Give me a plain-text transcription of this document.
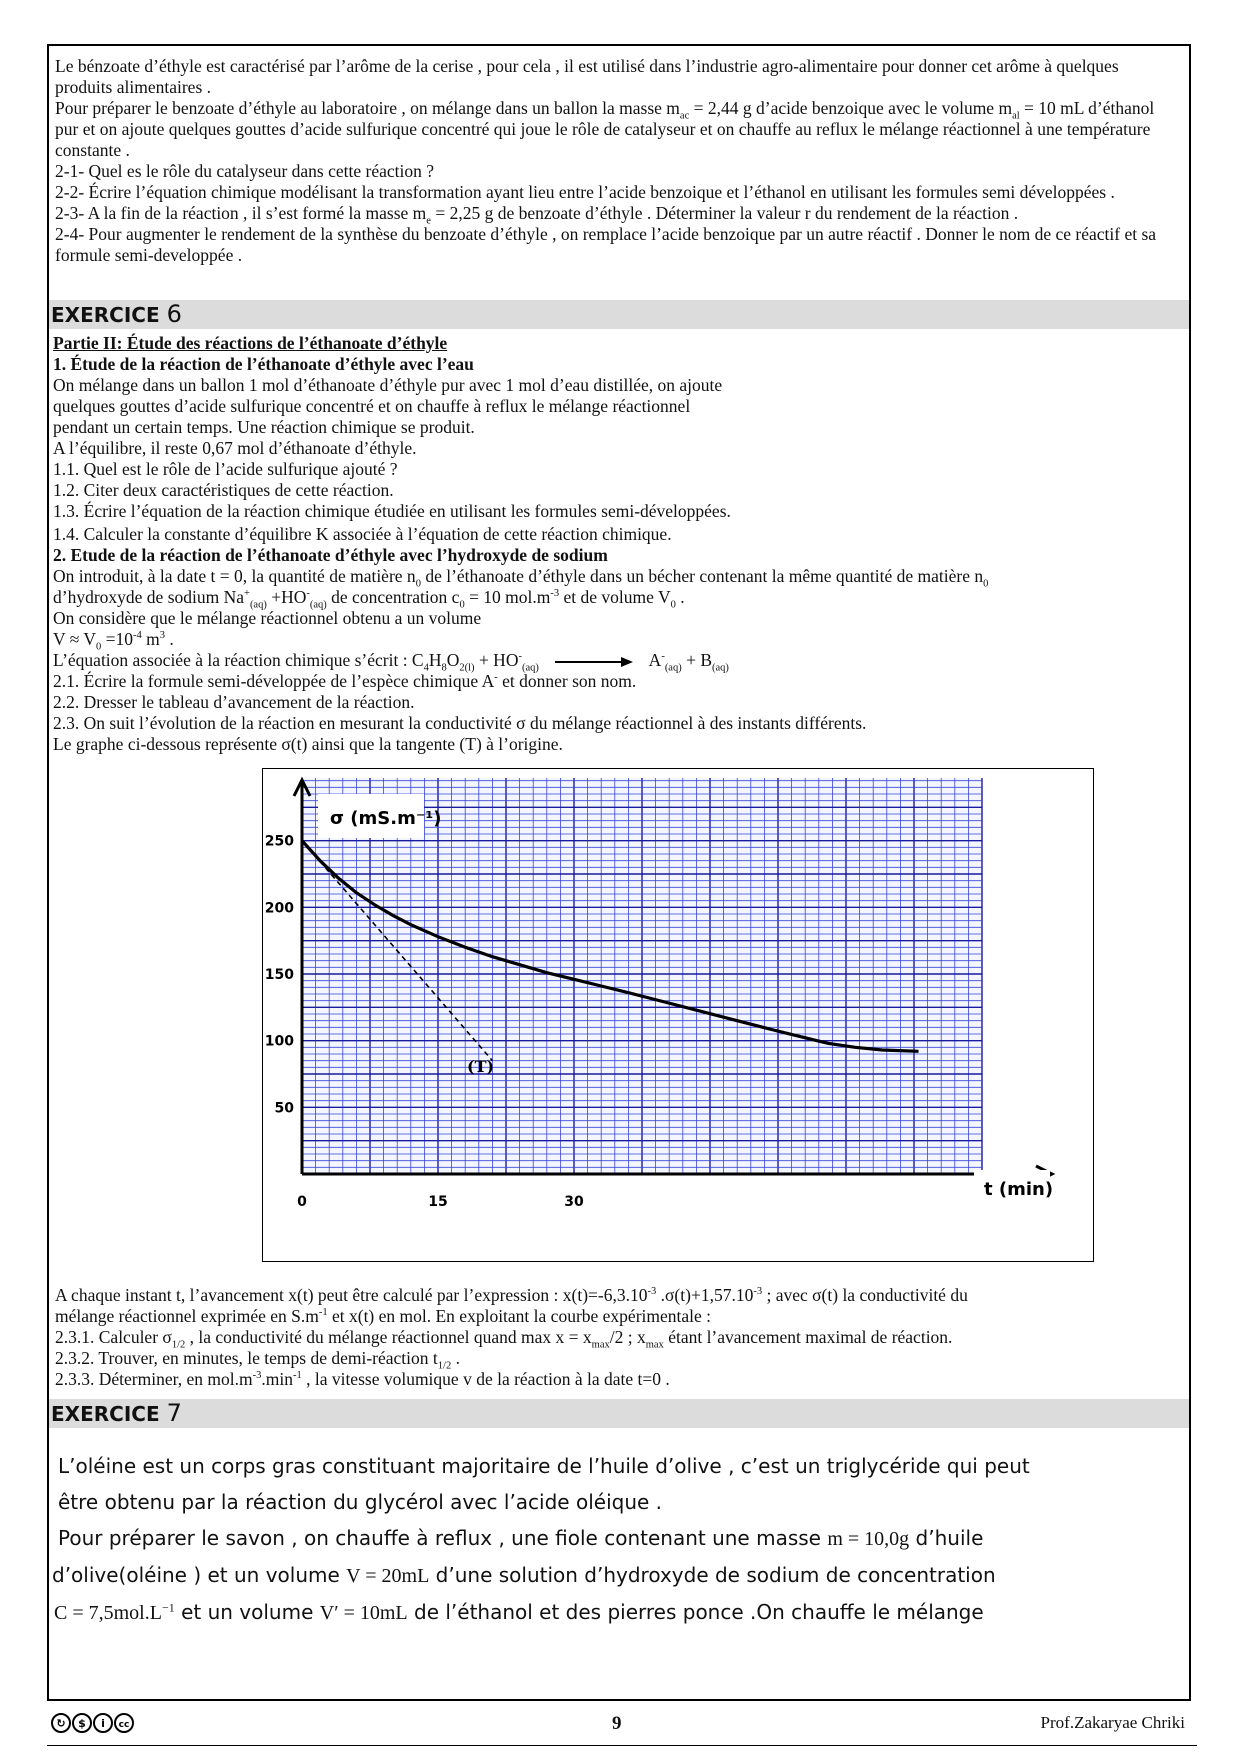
Le bénzoate d’éthyle est caractérisé par l’arôme de la cerise , pour cela , il est utilisé dans l’industrie agro-alimentaire pour donner cet arôme à quelques produits alimentaires .

Pour préparer le benzoate d’éthyle au laboratoire , on mélange dans un ballon la masse $m_{ac} = 2,44$ g d’acide benzoique avec le volume $m_{al} = 10$ mL d’éthanol pur et on ajoute quelques gouttes d’acide sulfurique concentré qui joue le rôle de catalyseur et on chauffe au reflux le mélange réactionnel à une température constante .

2-1- Quel es le rôle du catalyseur dans cette réaction ?

2-2- Écrire l’équation chimique modélisant la transformation ayant lieu entre l’acide benzoique et l’éthanol en utilisant les formules semi développées .

2-3- A la fin de la réaction , il s’est formé la masse $m_e = 2,25$ g de benzoate d’éthyle . Déterminer la valeur r du rendement de la réaction .

2-4- Pour augmenter le rendement de la synthèse du benzoate d’éthyle , on remplace l’acide benzoique par un autre réactif . Donner le nom de ce réactif et sa formule semi-developpée .

EXERCICE 6

Partie II: Étude des réactions de l’éthanoate d’éthyle

1. Étude de la réaction de l’éthanoate d’éthyle avec l’eau

On mélange dans un ballon 1 mol d’éthanoate d’éthyle pur avec 1 mol d’eau distillée, on ajoute

quelques gouttes d’acide sulfurique concentré et on chauffe à reflux le mélange réactionnel

pendant un certain temps. Une réaction chimique se produit.

A l’équilibre, il reste 0,67 mol d’éthanoate d’éthyle.

1.1. Quel est le rôle de l’acide sulfurique ajouté ?

1.2. Citer deux caractéristiques de cette réaction.

1.3. Écrire l’équation de la réaction chimique étudiée en utilisant les formules semi-développées.

1.4. Calculer la constante d’équilibre K associée à l’équation de cette réaction chimique.

2. Etude de la réaction de l’éthanoate d’éthyle avec l’hydroxyde de sodium

On introduit, à la date t = 0, la quantité de matière $n_0$ de l’éthanoate d’éthyle dans un bécher contenant la même quantité de matière $n_0$

d’hydroxyde de sodium $Na^+_{(aq)} +HO^-_{(aq)}$ de concentration $c_0 = 10$ $mol.m^{-3}$ et de volume $V_0$ .

On considère que le mélange réactionnel obtenu a un volume

$V \approx V_0 =10^{-4}$ $m^3$ .

L’équation associée à la réaction chimique s’écrit : $C_4H_8O_{2(l)} + HO^-_{(aq)}$	$A^-_{(aq)} + B_{(aq)}$

2.1. Écrire la formule semi-développée de l’espèce chimique A- et donner son nom.

2.2. Dresser le tableau d’avancement de la réaction.

2.3. On suit l’évolution de la réaction en mesurant la conductivité σ du mélange réactionnel à des instants différents.

Le graphe ci-dessous représente σ(t) ainsi que la tangente (T) à l’origine.

σ (mS.m⁻¹)
t (min)
50
100
150
200
250
0	15	30
(T)

A chaque instant t, l’avancement x(t) peut être calculé par l’expression : $x(t)=-6,3.10^{-3}$ $.\sigma(t)+1,57.10^{-3}$ ; avec σ(t) la conductivité du

mélange réactionnel exprimée en $S.m^{-1}$ et x(t) en mol. En exploitant la courbe expérimentale :

2.3.1. Calculer $\sigma_{1/2}$ , la conductivité du mélange réactionnel quand $\max x = x_{max}/2$ ; $x_{max}$ étant l’avancement maximal de réaction.

2.3.2. Trouver, en minutes, le temps de demi-réaction $t_{1/2}$ .

2.3.3. Déterminer, en $mol.m^{-3}.\min^{-1}$ , la vitesse volumique v de la réaction à la date t=0 .

EXERCICE 7

L’oléine est un corps gras constituant majoritaire de l’huile d’olive , c’est un triglycéride qui peut

être obtenu par la réaction du glycérol avec l’acide oléique .

Pour préparer le savon , on chauffe à reflux , une fiole contenant une masse m = 10,0g d’huile

d’olive(oléine ) et un volume V = 20mL d’une solution d’hydroxyde de sodium de concentration

$C = 7,5mol.L^{-1}$ et un volume V′ = 10mL de l’éthanol et des pierres ponce .On chauffe le mélange

↻ $ i cc	9	Prof.Zakaryae Chriki
